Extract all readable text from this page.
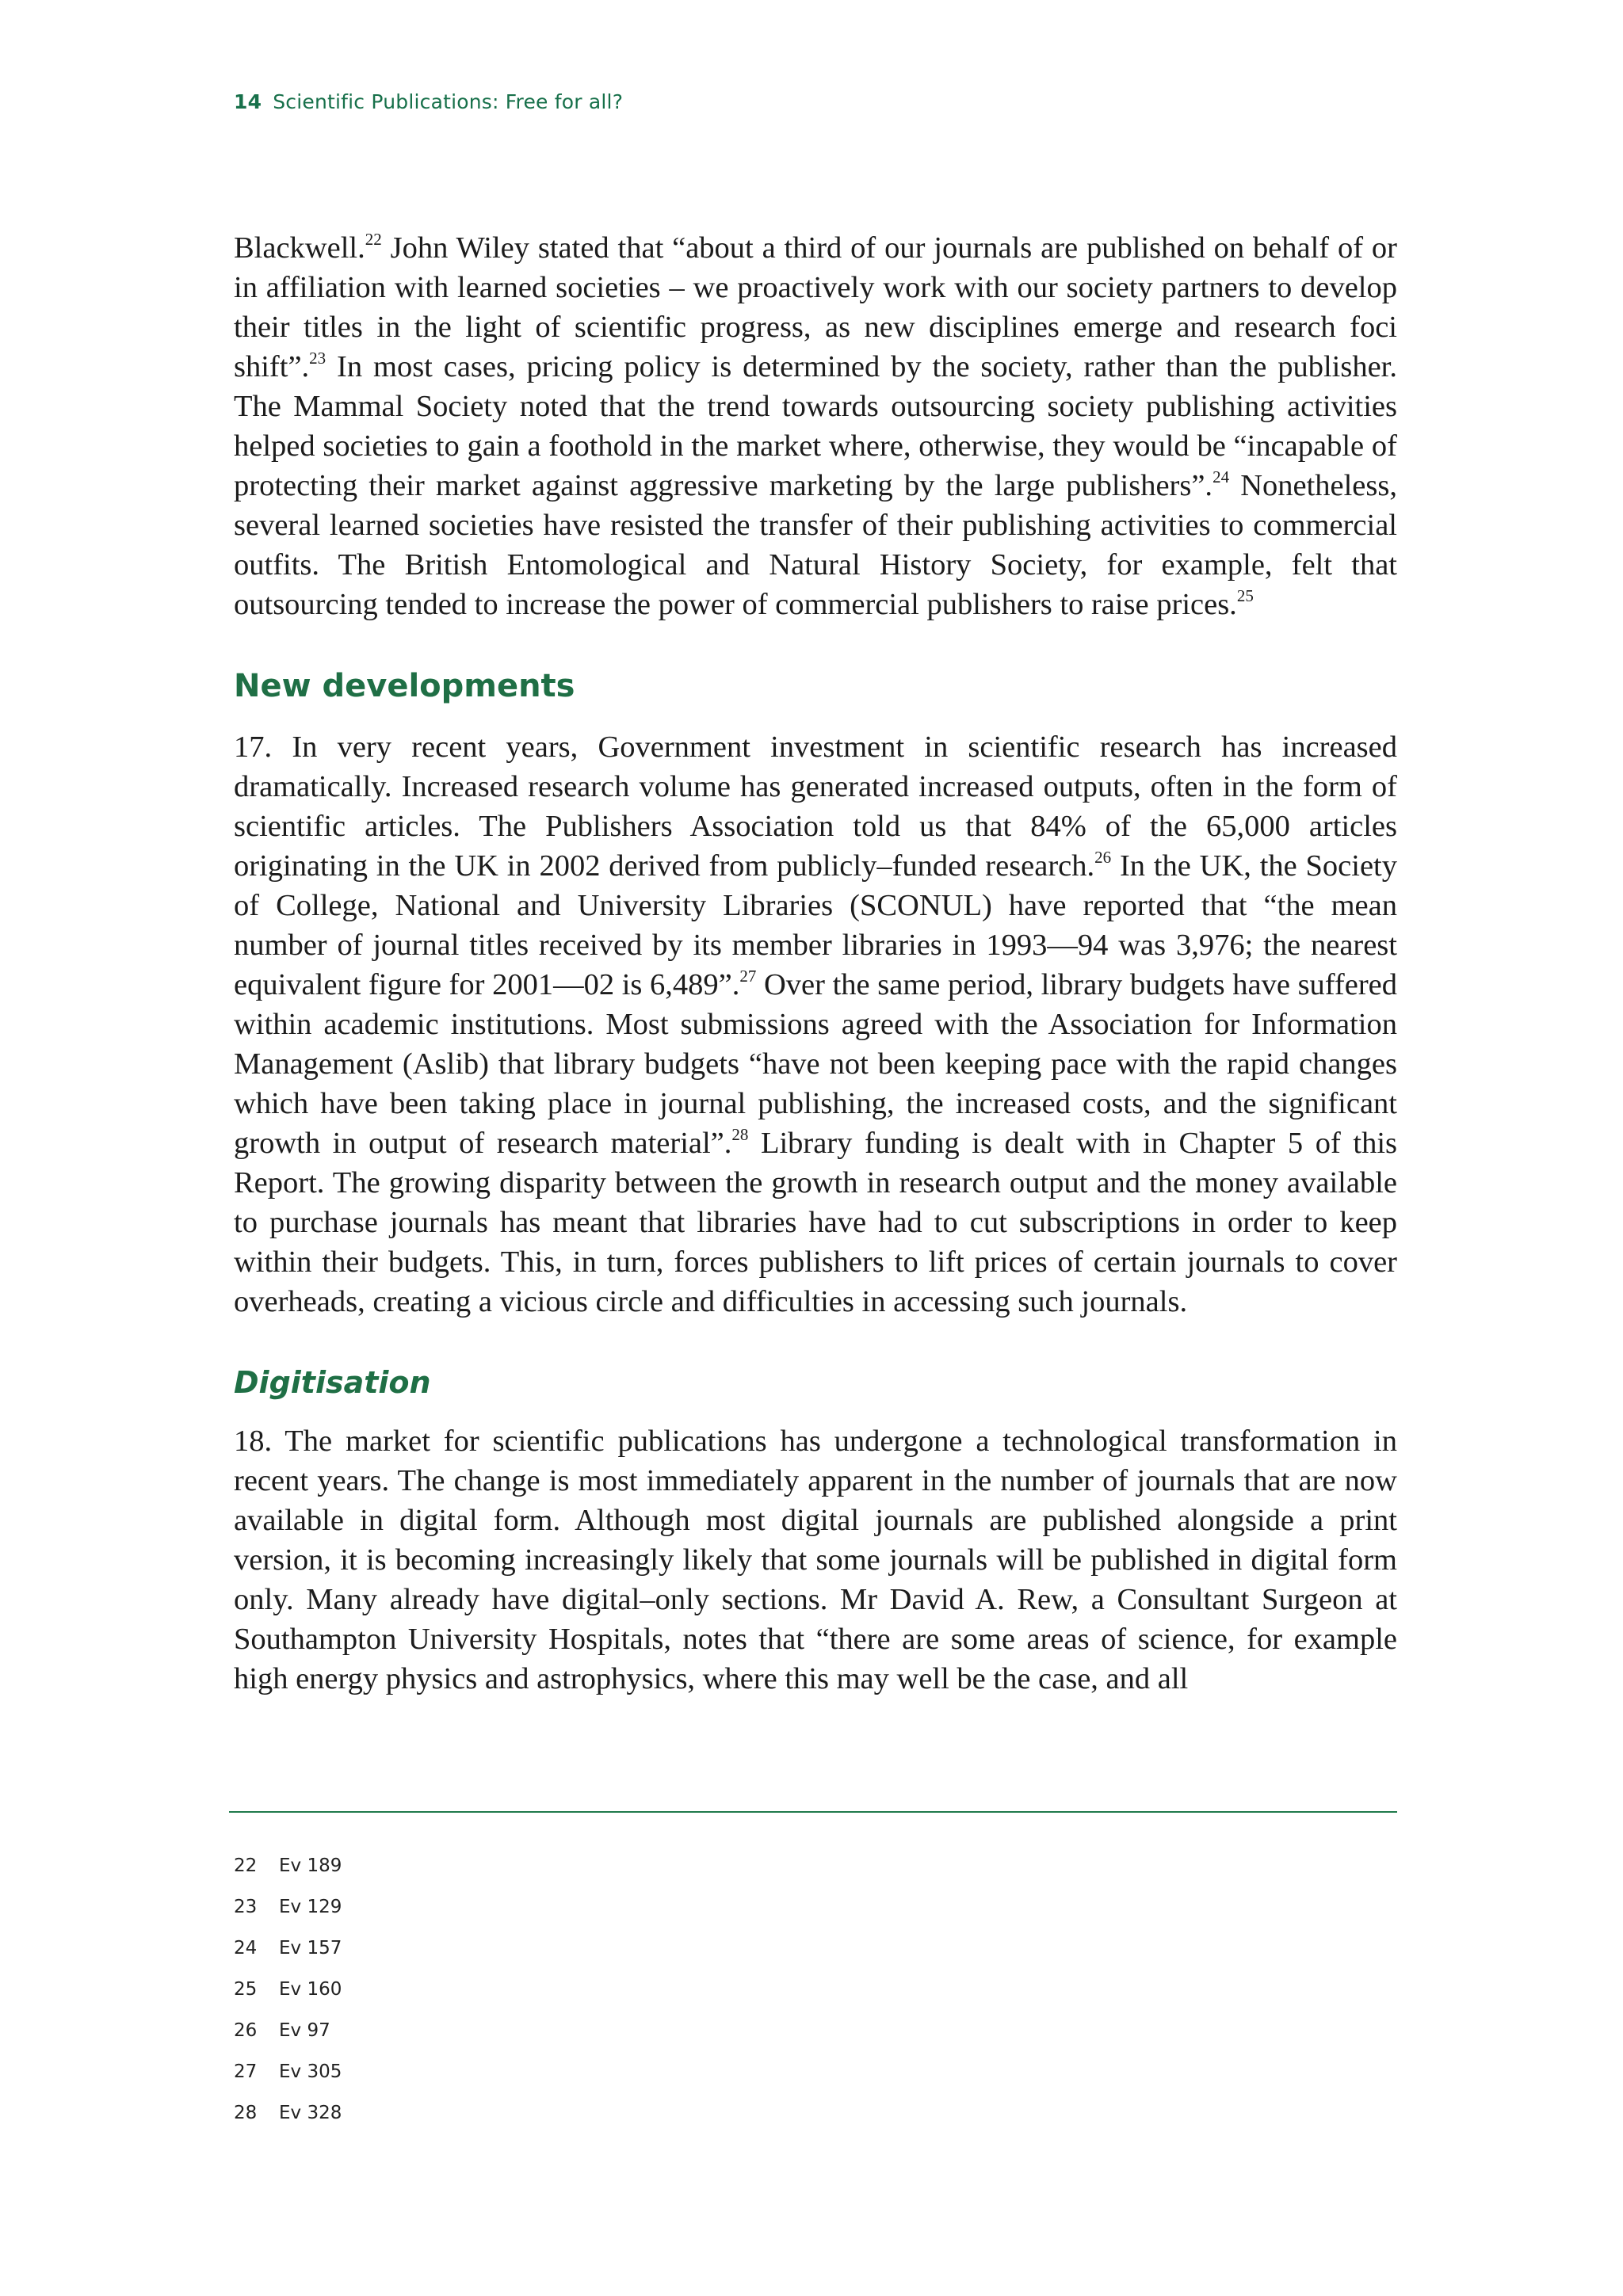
14 Scientific Publications: Free for all?

Blackwell.$^{22}$ John Wiley stated that “about a third of our journals are published on behalf of or in affiliation with learned societies – we proactively work with our society partners to develop their titles in the light of scientific progress, as new disciplines emerge and research foci shift”.$^{23}$ In most cases, pricing policy is determined by the society, rather than the publisher. The Mammal Society noted that the trend towards outsourcing society publishing activities helped societies to gain a foothold in the market where, otherwise, they would be “incapable of protecting their market against aggressive marketing by the large publishers”.$^{24}$ Nonetheless, several learned societies have resisted the transfer of their publishing activities to commercial outfits. The British Entomological and Natural History Society, for example, felt that outsourcing tended to increase the power of commercial publishers to raise prices.$^{25}$

New developments

17. In very recent years, Government investment in scientific research has increased dramatically. Increased research volume has generated increased outputs, often in the form of scientific articles. The Publishers Association told us that 84% of the 65,000 articles originating in the UK in 2002 derived from publicly–funded research.$^{26}$ In the UK, the Society of College, National and University Libraries (SCONUL) have reported that “the mean number of journal titles received by its member libraries in 1993—94 was 3,976; the nearest equivalent figure for 2001—02 is 6,489”.$^{27}$ Over the same period, library budgets have suffered within academic institutions. Most submissions agreed with the Association for Information Management (Aslib) that library budgets “have not been keeping pace with the rapid changes which have been taking place in journal publishing, the increased costs, and the significant growth in output of research material”.$^{28}$ Library funding is dealt with in Chapter 5 of this Report. The growing disparity between the growth in research output and the money available to purchase journals has meant that libraries have had to cut subscriptions in order to keep within their budgets. This, in turn, forces publishers to lift prices of certain journals to cover overheads, creating a vicious circle and difficulties in accessing such journals.

Digitisation

18. The market for scientific publications has undergone a technological transformation in recent years. The change is most immediately apparent in the number of journals that are now available in digital form. Although most digital journals are published alongside a print version, it is becoming increasingly likely that some journals will be published in digital form only. Many already have digital–only sections. Mr David A. Rew, a Consultant Surgeon at Southampton University Hospitals, notes that “there are some areas of science, for example high energy physics and astrophysics, where this may well be the case, and all

22 Ev 189
23 Ev 129
24 Ev 157
25 Ev 160
26 Ev 97
27 Ev 305
28 Ev 328
